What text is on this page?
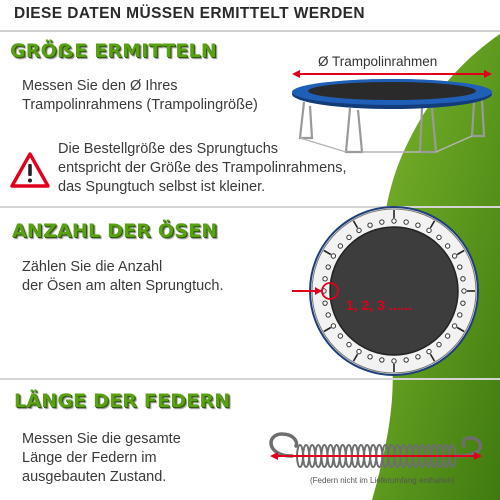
DIESE DATEN MÜSSEN ERMITTELT WERDEN
GRÖẞE ERMITTELN
Messen Sie den Ø Ihres
Trampolinrahmens (Trampolingröße)
Ø Trampolinrahmen
Die Bestellgröße des Sprungtuchs
entspricht der Größe des Trampolinrahmens,
das Spungtuch selbst ist kleiner.
ANZAHL DER ÖSEN
Zählen Sie die Anzahl
der Ösen am alten Sprungtuch.
1, 2, 3 ......
LÄNGE DER FEDERN
Messen Sie die gesamte
Länge der Federn im
ausgebauten Zustand.	(Federn nicht im Lieferumfang enthalten)
